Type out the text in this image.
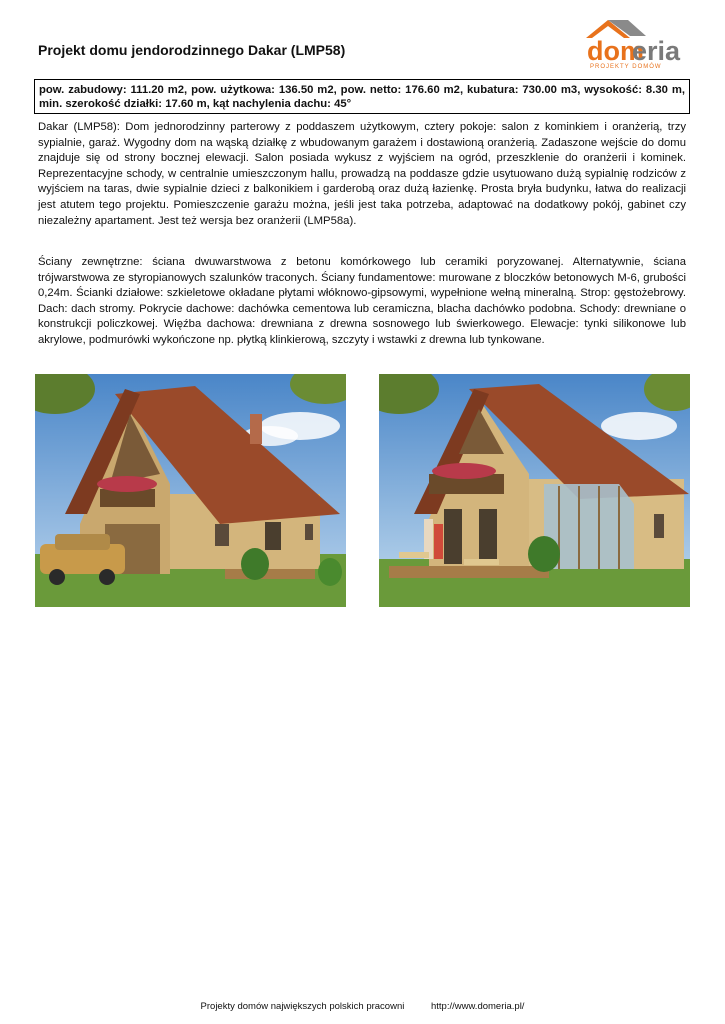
Projekt domu jendorodzinnego Dakar (LMP58)	dom
eria
PROJEKTY DOMÓW
pow. zabudowy: 111.20 m2, pow. użytkowa: 136.50 m2, pow. netto: 176.60 m2, kubatura: 730.00 m3, wysokość: 8.30 m, min. szerokość działki: 17.60 m, kąt nachylenia dachu: 45°
Dakar (LMP58): Dom jednorodzinny parterowy z poddaszem użytkowym, cztery pokoje: salon z kominkiem i oranżerią, trzy sypialnie, garaż. Wygodny dom na wąską działkę z wbudowanym garażem i dostawioną oranżerią. Zadaszone wejście do domu znajduje się od strony bocznej elewacji. Salon posiada wykusz z wyjściem na ogród, przeszklenie do oranżerii i kominek. Reprezentacyjne schody, w centralnie umieszczonym hallu, prowadzą na poddasze gdzie usytuowano dużą sypialnię rodziców z wyjściem na taras, dwie sypialnie dzieci z balkonikiem i garderobą oraz dużą łazienkę. Prosta bryła budynku, łatwa do realizacji jest atutem tego projektu. Pomieszczenie garażu można, jeśli jest taka potrzeba, adaptować na dodatkowy pokój, gabinet czy niezależny apartament. Jest też wersja bez oranżerii (LMP58a).
Ściany zewnętrzne: ściana dwuwarstwowa z betonu komórkowego lub ceramiki poryzowanej. Alternatywnie, ściana trójwarstwowa ze styropianowych szalunków traconych. Ściany fundamentowe: murowane z bloczków betonowych M-6, grubości 0,24m. Ścianki działowe: szkieletowe okładane płytami włóknowo-gipsowymi, wypełnione wełną mineralną. Strop: gęstożebrowy. Dach: dach stromy. Pokrycie dachowe: dachówka cementowa lub ceramiczna, blacha dachówko podobna. Schody: drewniane o konstrukcji policzkowej. Więźba dachowa: drewniana z drewna sosnowego lub świerkowego. Elewacje: tynki silikonowe lub akrylowe, podmurówki wykończone np. płytką klinkierową, szczyty i wstawki z drewna lub tynkowane.
Projekty domów największych polskich pracowni	http://www.domeria.pl/
